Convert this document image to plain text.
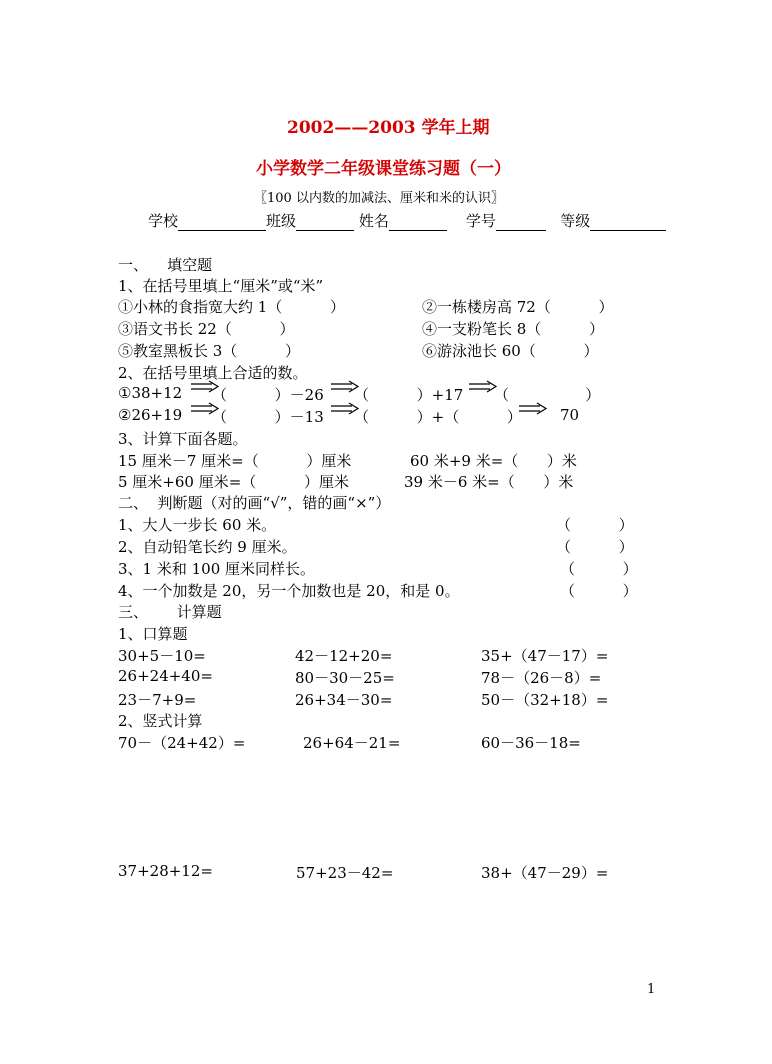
2002——2003 学年上期
小学数学二年级课堂练习题（一）
〖100 以内数的加减法、厘米和米的认识〗
学校	班级	姓名	学号	等级
一、    填空题
1、在括号里填上“厘米”或“米”
①小林的食指宽大约 1（          ）	②一栋楼房高 72（          ）
③语文书长 22（          ）	④一支粉笔长 8（          ）
⑤教室黑板长 3（          ）	⑥游泳池长 60（          ）
2、在括号里填上合适的数。
①38+12 （          ）－26 （          ）+17 （                ）
②26+19 （          ）－13 （          ）+（          ）	70
3、计算下面各题。
15 厘米－7 厘米=（          ）厘米	60 米+9 米=（      ）米
5 厘米+60 厘米=（          ）厘米	39 米－6 米=（      ）米
二、  判断题（对的画“√”，错的画“×”）
1、大人一步长 60 米。	（          ）
2、自动铅笔长约 9 厘米。	（          ）
3、1 米和 100 厘米同样长。	（          ）
4、一个加数是 20，另一个加数也是 20，和是 0。	（          ）
三、      计算题
1、口算题
30+5－10=	42－12+20=	35+（47－17）=
26+24+40=	80－30－25=	78－（26－8）=
23－7+9=	26+34－30=	50－（32+18）=
2、竖式计算
70－（24+42）=	26+64－21=	60－36－18=
37+28+12=	57+23－42=	38+（47－29）=
1
